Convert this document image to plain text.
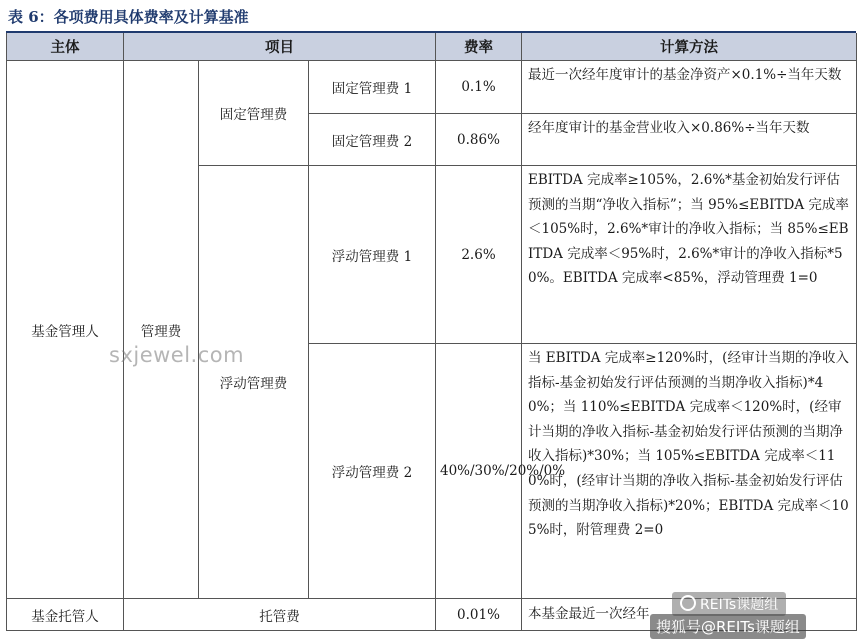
表 6：各项费用具体费率及计算基准
主体	项目			费率	计算方法
基金管理人	管理费	固定管理费	固定管理费 1	0.1%	最近一次经年度审计的基金净资产×0.1%÷当年天数
			固定管理费 2	0.86%	经年度审计的基金营业收入×0.86%÷当年天数
		浮动管理费	浮动管理费 1	2.6%	EBITDA 完成率≥105%，2.6%*基金初始发行评估预测的当期“净收入指标”；当 95%≤EBITDA 完成率＜105%时，2.6%*审计的净收入指标；当 85%≤EBITDA 完成率＜95%时，2.6%*审计的净收入指标*50%。EBITDA 完成率<85%，浮动管理费 1=0
			浮动管理费 2	40%/30%/20%/0%	当 EBITDA 完成率≥120%时，(经审计当期的净收入指标-基金初始发行评估预测的当期净收入指标)*40%；当 110%≤EBITDA 完成率＜120%时，(经审计当期的净收入指标-基金初始发行评估预测的当期净收入指标)*30%；当 105%≤EBITDA 完成率＜110%时，(经审计当期的净收入指标-基金初始发行评估预测的当期净收入指标)*20%；EBITDA 完成率＜105%时，附管理费 2=0
基金托管人	托管费			0.01%	本基金最近一次经年
sxjewel.com
REITs课题组
搜狐号@REITs课题组
